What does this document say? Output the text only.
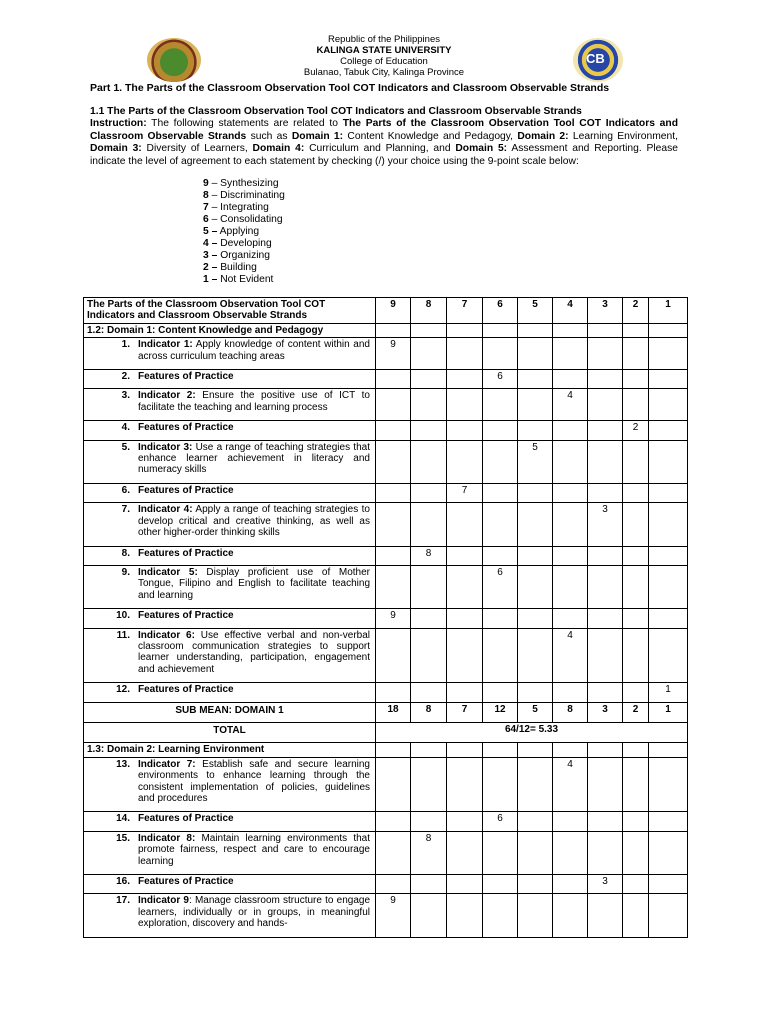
CB
Republic of the Philippines
KALINGA STATE UNIVERSITY
College of Education
Bulanao, Tabuk City, Kalinga Province
Part 1. The Parts of the Classroom Observation Tool COT Indicators and Classroom Observable Strands
1.1 The Parts of the Classroom Observation Tool COT Indicators and Classroom Observable Strands
Instruction: The following statements are related to The Parts of the Classroom Observation Tool COT Indicators and Classroom Observable Strands such as Domain 1: Content Knowledge and Pedagogy, Domain 2: Learning Environment, Domain 3: Diversity of Learners, Domain 4: Curriculum and Planning, and Domain 5: Assessment and Reporting. Please indicate the level of agreement to each statement by checking (/) your choice using the 9-point scale below:
9 – Synthesizing
8 – Discriminating
7 – Integrating
6 – Consolidating
5 – Applying
4 – Developing
3 – Organizing
2 – Building
1 – Not Evident
The Parts of the Classroom Observation Tool COT Indicators and Classroom Observable Strands	9	8	7	6	5	4	3	2	1
1.2: Domain 1: Content Knowledge and Pedagogy									

1. Indicator 1: Apply knowledge of content within and across curriculum teaching areas	9								

2. Features of Practice				6					

3. Indicator 2: Ensure the positive use of ICT to facilitate the teaching and learning process						4			

4. Features of Practice								2	

5. Indicator 3: Use a range of teaching strategies that enhance learner achievement in literacy and numeracy skills					5				

6. Features of Practice			7						

7. Indicator 4: Apply a range of teaching strategies to develop critical and creative thinking, as well as other higher-order thinking skills							3		

8. Features of Practice		8							

9. Indicator 5: Display proficient use of Mother Tongue, Filipino and English to facilitate teaching and learning				6					

10. Features of Practice	9								

11. Indicator 6: Use effective verbal and non-verbal classroom communication strategies to support learner understanding, participation, engagement and achievement						4			

12. Features of Practice									1
SUB MEAN: DOMAIN 1	18	8	7	12	5	8	3	2	1
TOTAL	64/12= 5.33								
1.3: Domain 2: Learning Environment									

13. Indicator 7: Establish safe and secure learning environments to enhance learning through the consistent implementation of policies, guidelines and procedures						4			

14. Features of Practice				6					

15. Indicator 8: Maintain learning environments that promote fairness, respect and care to encourage learning		8							

16. Features of Practice							3		

17. Indicator 9: Manage classroom structure to engage learners, individually or in groups, in meaningful exploration, discovery and hands-	9								
